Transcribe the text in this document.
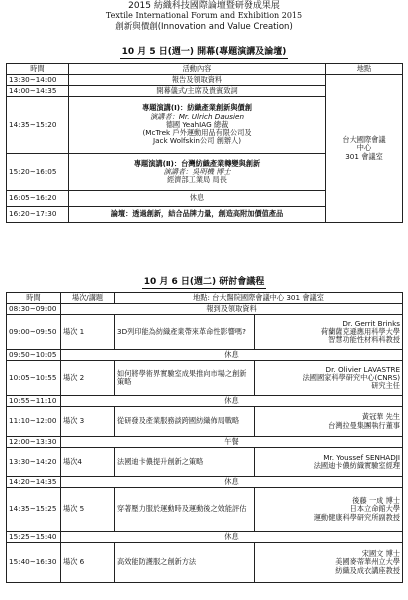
2015 紡織科技國際論壇暨研發成果展
Textile International Forum and Exhibition 2015
創新與價創(Innovation and Value Creation)
10 月 5 日(週一) 開幕(專題演講及論壇)
時間	活動內容	地點
13:30~14:00	報告及領取資料	台大國際會議
中心
301 會議室

14:00~14:35	開幕儀式/主席及貴賓致詞	
14:35~15:20	專題演講(Ⅰ)：紡織產業創新與價創
演講者：Mr. Ulrich Dausien
德國 YeahIAG 總裁
(McTrek 戶外運動用品有限公司及
Jack Wolfskin公司 創辦人)	

15:20~16:05	專題演講(Ⅱ)：台灣紡織產業轉變與創新
演講者：吳明機 博士
經濟部工業局 局長	

16:05~16:20	休息	
16:20~17:30	論壇：透過創新，結合品牌力量，創造高附加價值產品	
10 月 6 日(週二) 研討會議程
時間	場次/講題	地點: 台大醫院國際會議中心 301 會議室	
08:30~09:00	報到及領取資料		
09:00~09:50	場次 1	3D列印能為紡織產業帶來革命性影響嗎?	Dr. Gerrit Brinks
荷蘭薩克遜應用科學大學
智慧功能性材料科教授

09:50~10:05	休息		
10:05~10:55	場次 2	如何將學術界實驗室成果推向市場之創新策略	Dr. Olivier LAVASTRE
法國國家科學研究中心(CNRS)
研究主任

10:55~11:10	休息		
11:10~12:00	場次 3	從研發及產業服務談跨國紡織佈局戰略	黃冠華 先生
台灣拉曼集團執行董事

12:00~13:30	午餐		
13:30~14:20	場次4	法國迪卡儂提升創新之策略	Mr. Youssef SENHADJI
法國迪卡儂紡織實驗室經理

14:20~14:35	休息		
14:35~15:25	場次 5	穿著壓力服於運動時及運動後之效能評估	後藤 一成 博士
日本立命館大學
運動健康科學研究所副教授

15:25~15:40	休息		
15:40~16:30	場次 6	高效能防護服之創新方法	宋國文 博士
美國麥蒂華州立大學
紡織及成衣講座教授
